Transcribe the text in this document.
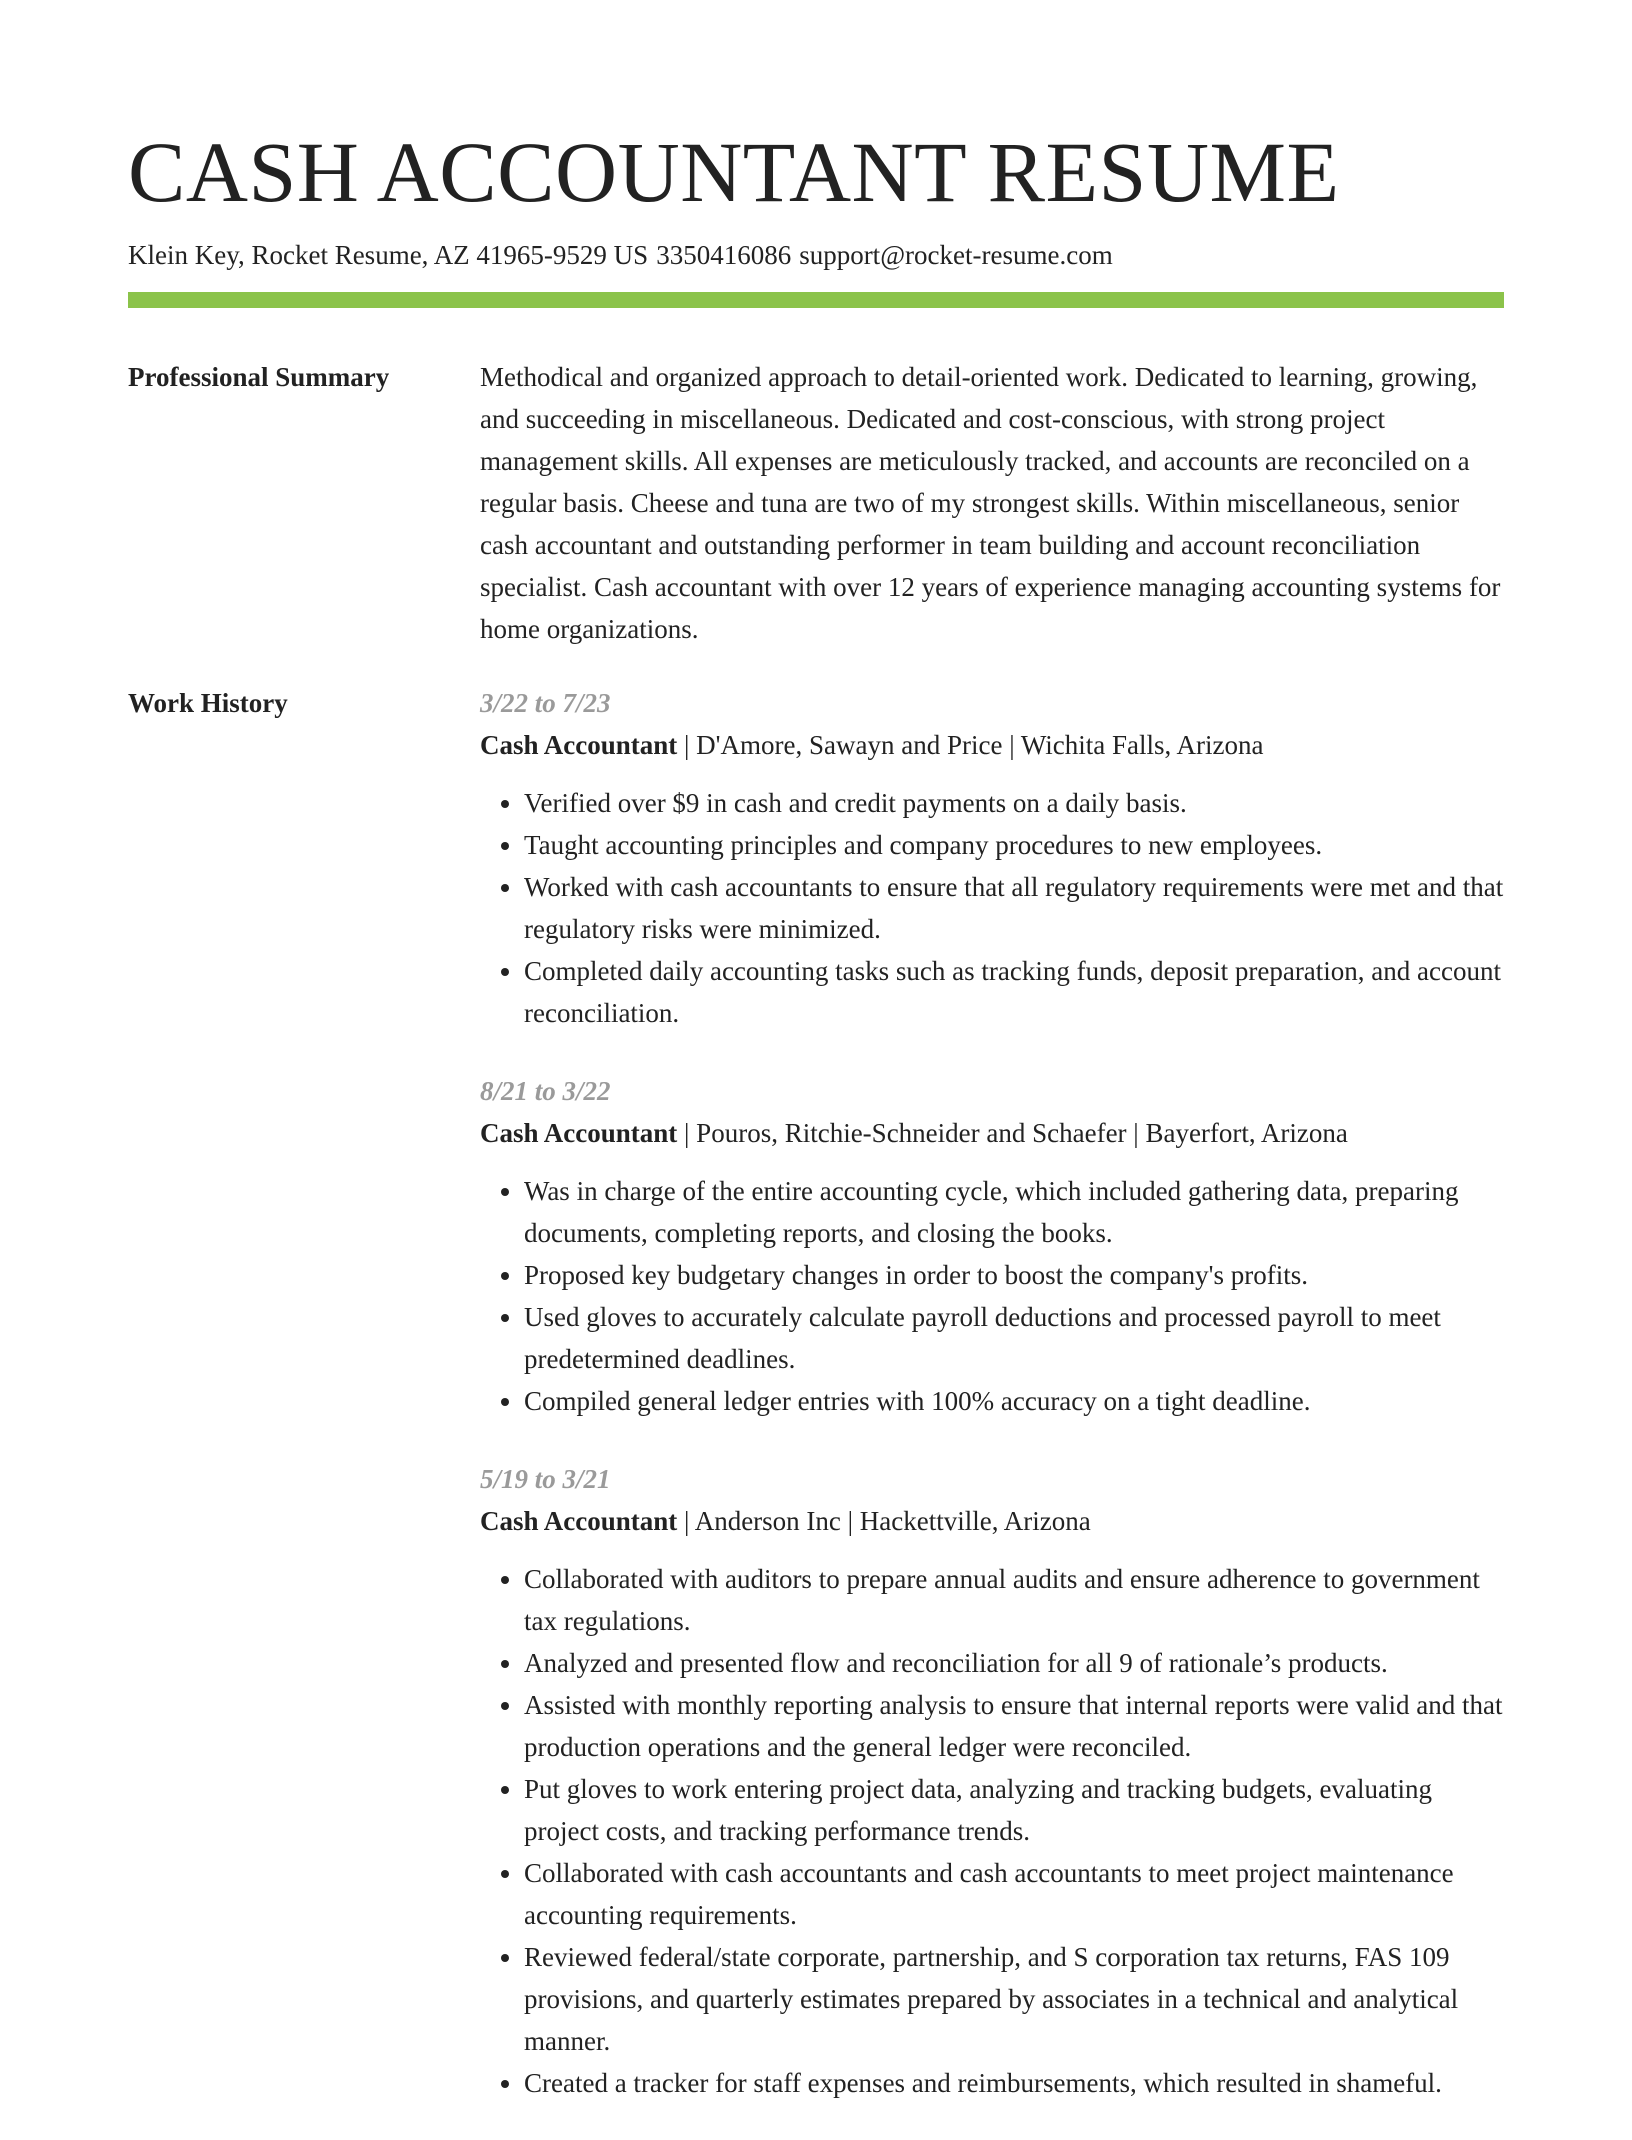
CASH ACCOUNTANT RESUME
Klein Key, Rocket Resume, AZ 41965-9529 US 3350416086 support@rocket-resume.com
Professional Summary	Methodical and organized approach to detail-oriented work. Dedicated to learning, growing, and succeeding in miscellaneous. Dedicated and cost-conscious, with strong project management skills. All expenses are meticulously tracked, and accounts are reconciled on a regular basis. Cheese and tuna are two of my strongest skills. Within miscellaneous, senior cash accountant and outstanding performer in team building and account reconciliation specialist. Cash accountant with over 12 years of experience managing accounting systems for home organizations.

Work History	3/22 to 7/23
Cash Accountant | D'Amore, Sawayn and Price | Wichita Falls, Arizona
• Verified over $9 in cash and credit payments on a daily basis.
• Taught accounting principles and company procedures to new employees.
• Worked with cash accountants to ensure that all regulatory requirements were met and that regulatory risks were minimized.
• Completed daily accounting tasks such as tracking funds, deposit preparation, and account reconciliation.
8/21 to 3/22
Cash Accountant | Pouros, Ritchie-Schneider and Schaefer | Bayerfort, Arizona
• Was in charge of the entire accounting cycle, which included gathering data, preparing documents, completing reports, and closing the books.
• Proposed key budgetary changes in order to boost the company's profits.
• Used gloves to accurately calculate payroll deductions and processed payroll to meet predetermined deadlines.
• Compiled general ledger entries with 100% accuracy on a tight deadline.
5/19 to 3/21
Cash Accountant | Anderson Inc | Hackettville, Arizona
• Collaborated with auditors to prepare annual audits and ensure adherence to government tax regulations.
• Analyzed and presented flow and reconciliation for all 9 of rationale’s products.
• Assisted with monthly reporting analysis to ensure that internal reports were valid and that production operations and the general ledger were reconciled.
• Put gloves to work entering project data, analyzing and tracking budgets, evaluating project costs, and tracking performance trends.
• Collaborated with cash accountants and cash accountants to meet project maintenance accounting requirements.
• Reviewed federal/state corporate, partnership, and S corporation tax returns, FAS 109 provisions, and quarterly estimates prepared by associates in a technical and analytical manner.
• Created a tracker for staff expenses and reimbursements, which resulted in shameful.
